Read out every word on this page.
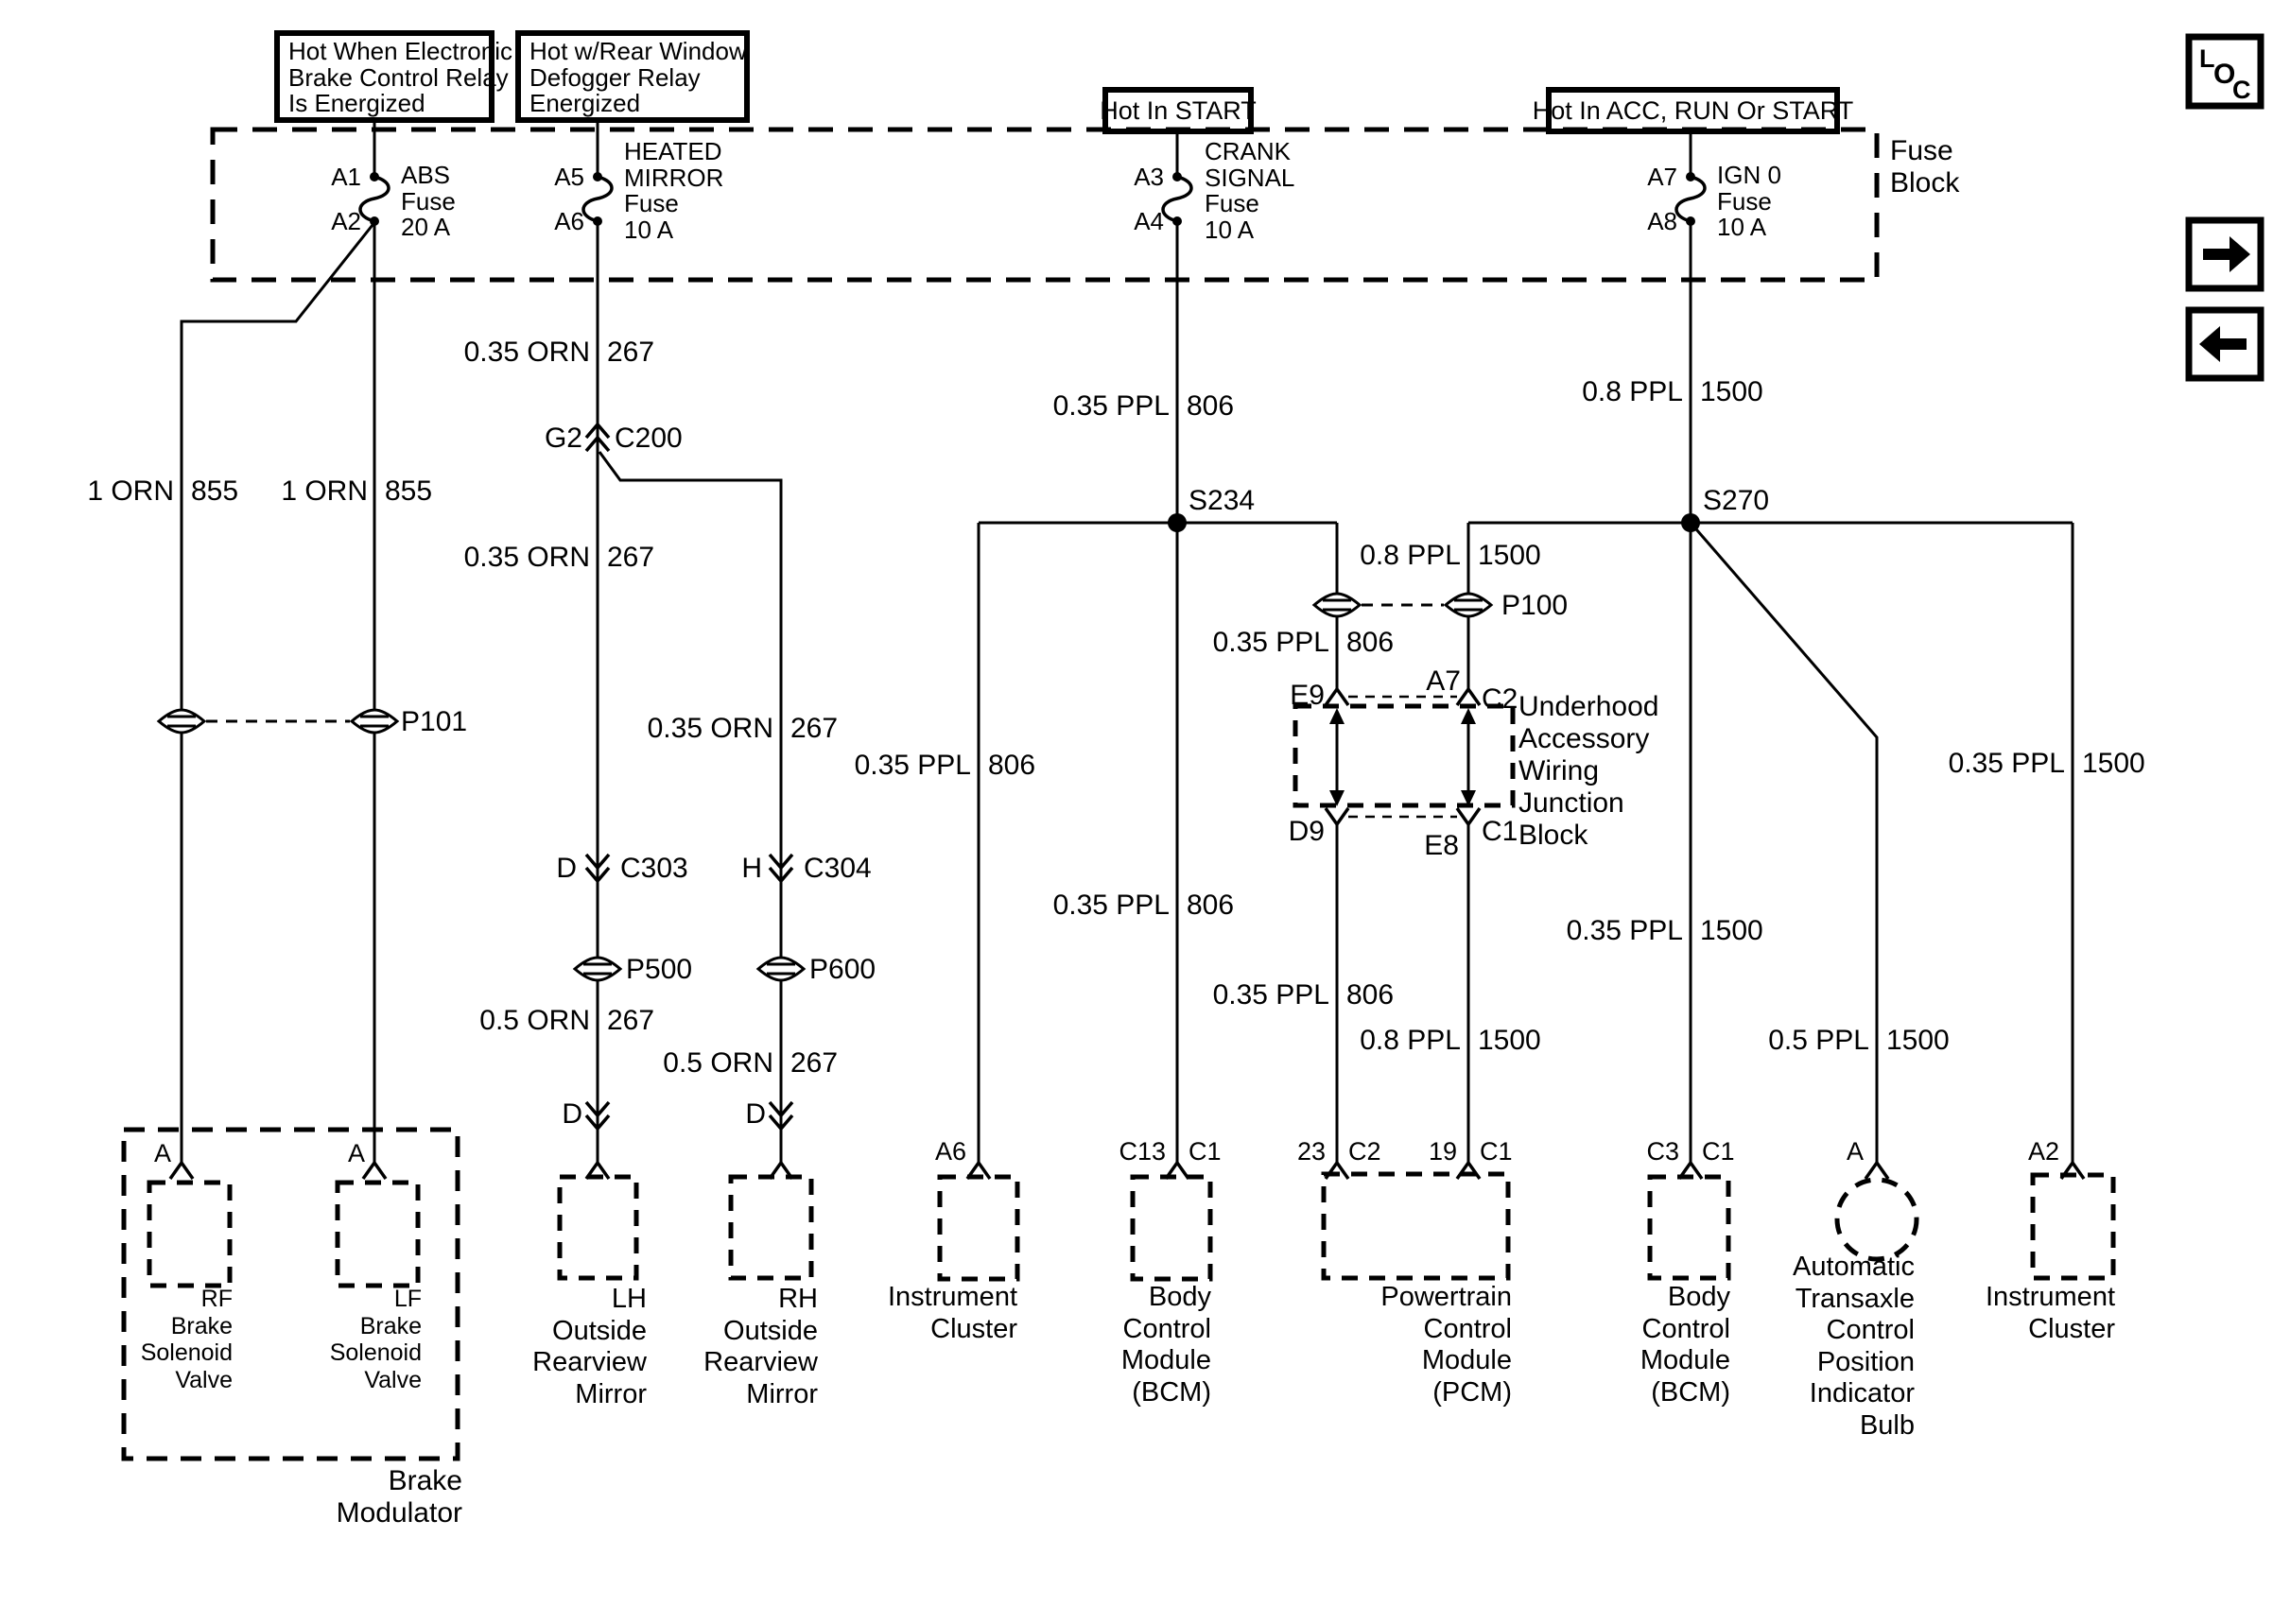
L
O
C
Hot When Electronic
Brake Control Relay
Is Energized
Hot w/Rear Window
Defogger Relay
Energized	Hot In START	Hot In ACC, RUN Or START
Fuse
Block
A1
A2
ABS
Fuse
20 A
A5
A6
HEATED
MIRROR
Fuse
10 A
A3
A4
CRANK
SIGNAL
Fuse
10 A
A7
A8
IGN 0
Fuse
10 A
1 ORN 855 1 ORN 855
0.35 ORN 267
0.35 ORN 267
0.35 ORN 267
0.5 ORN 267
0.5 ORN 267
0.35 PPL 806
0.35 PPL 806
0.35 PPL 806
0.35 PPL 806
0.35 PPL 806
0.8 PPL 1500
0.8 PPL 1500
0.8 PPL 1500
0.35 PPL 1500
0.35 PPL 1500
0.5 PPL 1500
P101
G2 C200
D C303 H C304
P500	P600
S234	S270
P100
E9	A7
C2
D9	E8 C1
Underhood
Accessory
Wiring
Junction
Block
A	A
D	D
A6	C13 C1	23 C2 19 C1	C3 C1	A	A2
RF
Brake
Solenoid
Valve
LF
Brake
Solenoid
Valve
Brake
Modulator
LH
Outside
Rearview
Mirror
RH
Outside
Rearview
Mirror
Instrument
Cluster
Body
Control
Module
(BCM)
Powertrain
Control
Module
(PCM)
Body
Control
Module
(BCM)
Automatic
Transaxle
Control
Position
Indicator
Bulb
Instrument
Cluster
